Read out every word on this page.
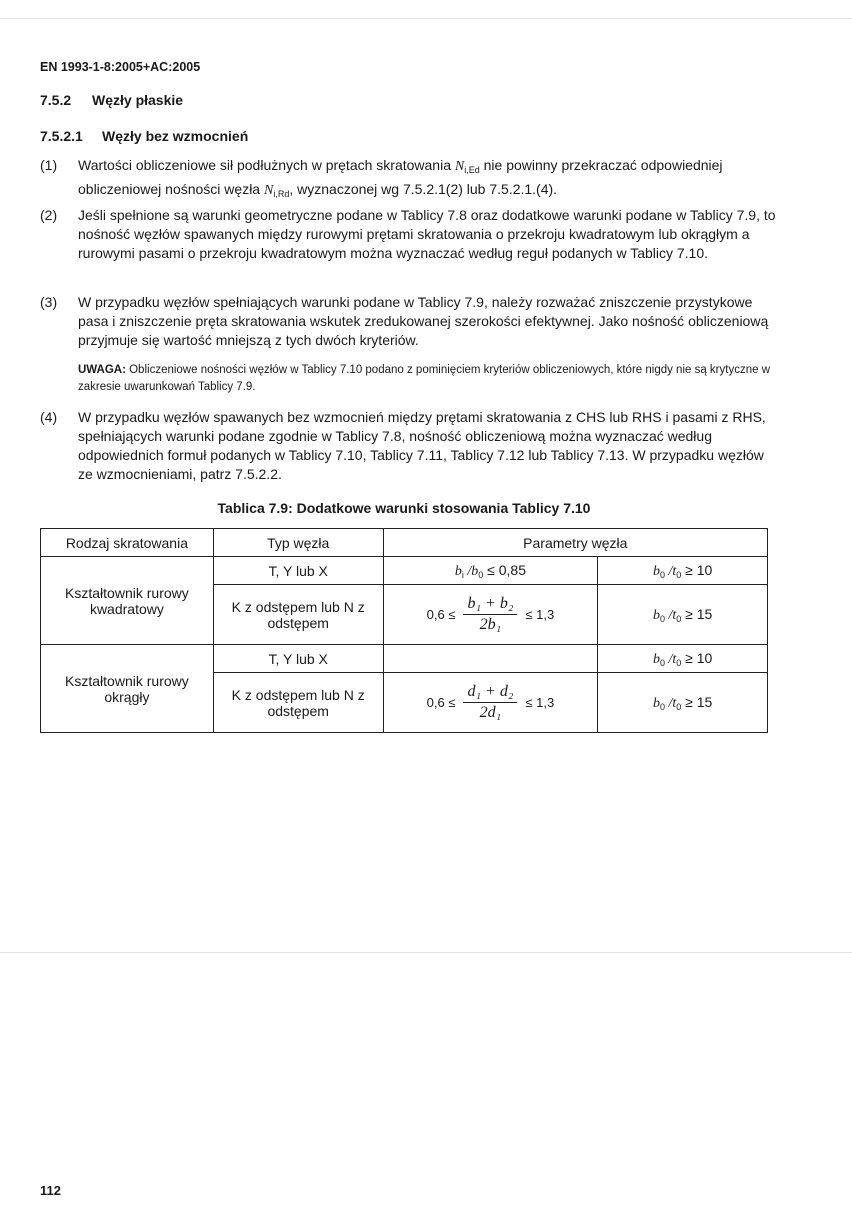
EN 1993-1-8:2005+AC:2005
7.5.2 Węzły płaskie
7.5.2.1 Węzły bez wzmocnień
(1)	Wartości obliczeniowe sił podłużnych w prętach skratowania $N_{i,Ed}$ nie powinny przekraczać odpowiedniej obliczeniowej nośności węzła $N_{i,Rd}$, wyznaczonej wg 7.5.2.1(2) lub 7.5.2.1.(4).
(2)	Jeśli spełnione są warunki geometryczne podane w Tablicy 7.8 oraz dodatkowe warunki podane w Tablicy 7.9, to nośność węzłów spawanych między rurowymi prętami skratowania o przekroju kwadratowym lub okrągłym a rurowymi pasami o przekroju kwadratowym można wyznaczać według reguł podanych w Tablicy 7.10.
(3)	W przypadku węzłów spełniających warunki podane w Tablicy 7.9, należy rozważać zniszczenie przystykowe pasa i zniszczenie pręta skratowania wskutek zredukowanej szerokości efektywnej. Jako nośność obliczeniową przyjmuje się wartość mniejszą z tych dwóch kryteriów.
UWAGA: Obliczeniowe nośności węzłów w Tablicy 7.10 podano z pominięciem kryteriów obliczeniowych, które nigdy nie są krytyczne w zakresie uwarunkowań Tablicy 7.9.
(4)	W przypadku węzłów spawanych bez wzmocnień między prętami skratowania z CHS lub RHS i pasami z RHS, spełniających warunki podane zgodnie w Tablicy 7.8, nośność obliczeniową można wyznaczać według odpowiednich formuł podanych w Tablicy 7.10, Tablicy 7.11, Tablicy 7.12 lub Tablicy 7.13. W przypadku węzłów ze wzmocnieniami, patrz 7.5.2.2.
Tablica 7.9: Dodatkowe warunki stosowania Tablicy 7.10
Rodzaj skratowania	Typ węzła	Parametry węzła	
Kształtownik rurowy kwadratowy	T, Y lub X	$b_i$ $/b_0 \le 0,85$	$b_0$ $/t_0 \ge 10$
	K z odstępem lub N z odstępem	$0,6 \le \frac{\text{b₁ + b₂}}{\text{2b₁}} \le 1,3$	$b_0$ $/t_0 \ge 15$
Kształtownik rurowy okrągły	T, Y lub X		$b_0$ $/t_0 \ge 10$
	K z odstępem lub N z odstępem	$0,6 \le \frac{\text{d₁ + d₂}}{\text{2d₁}} \le 1,3$	$b_0$ $/t_0 \ge 15$
112
